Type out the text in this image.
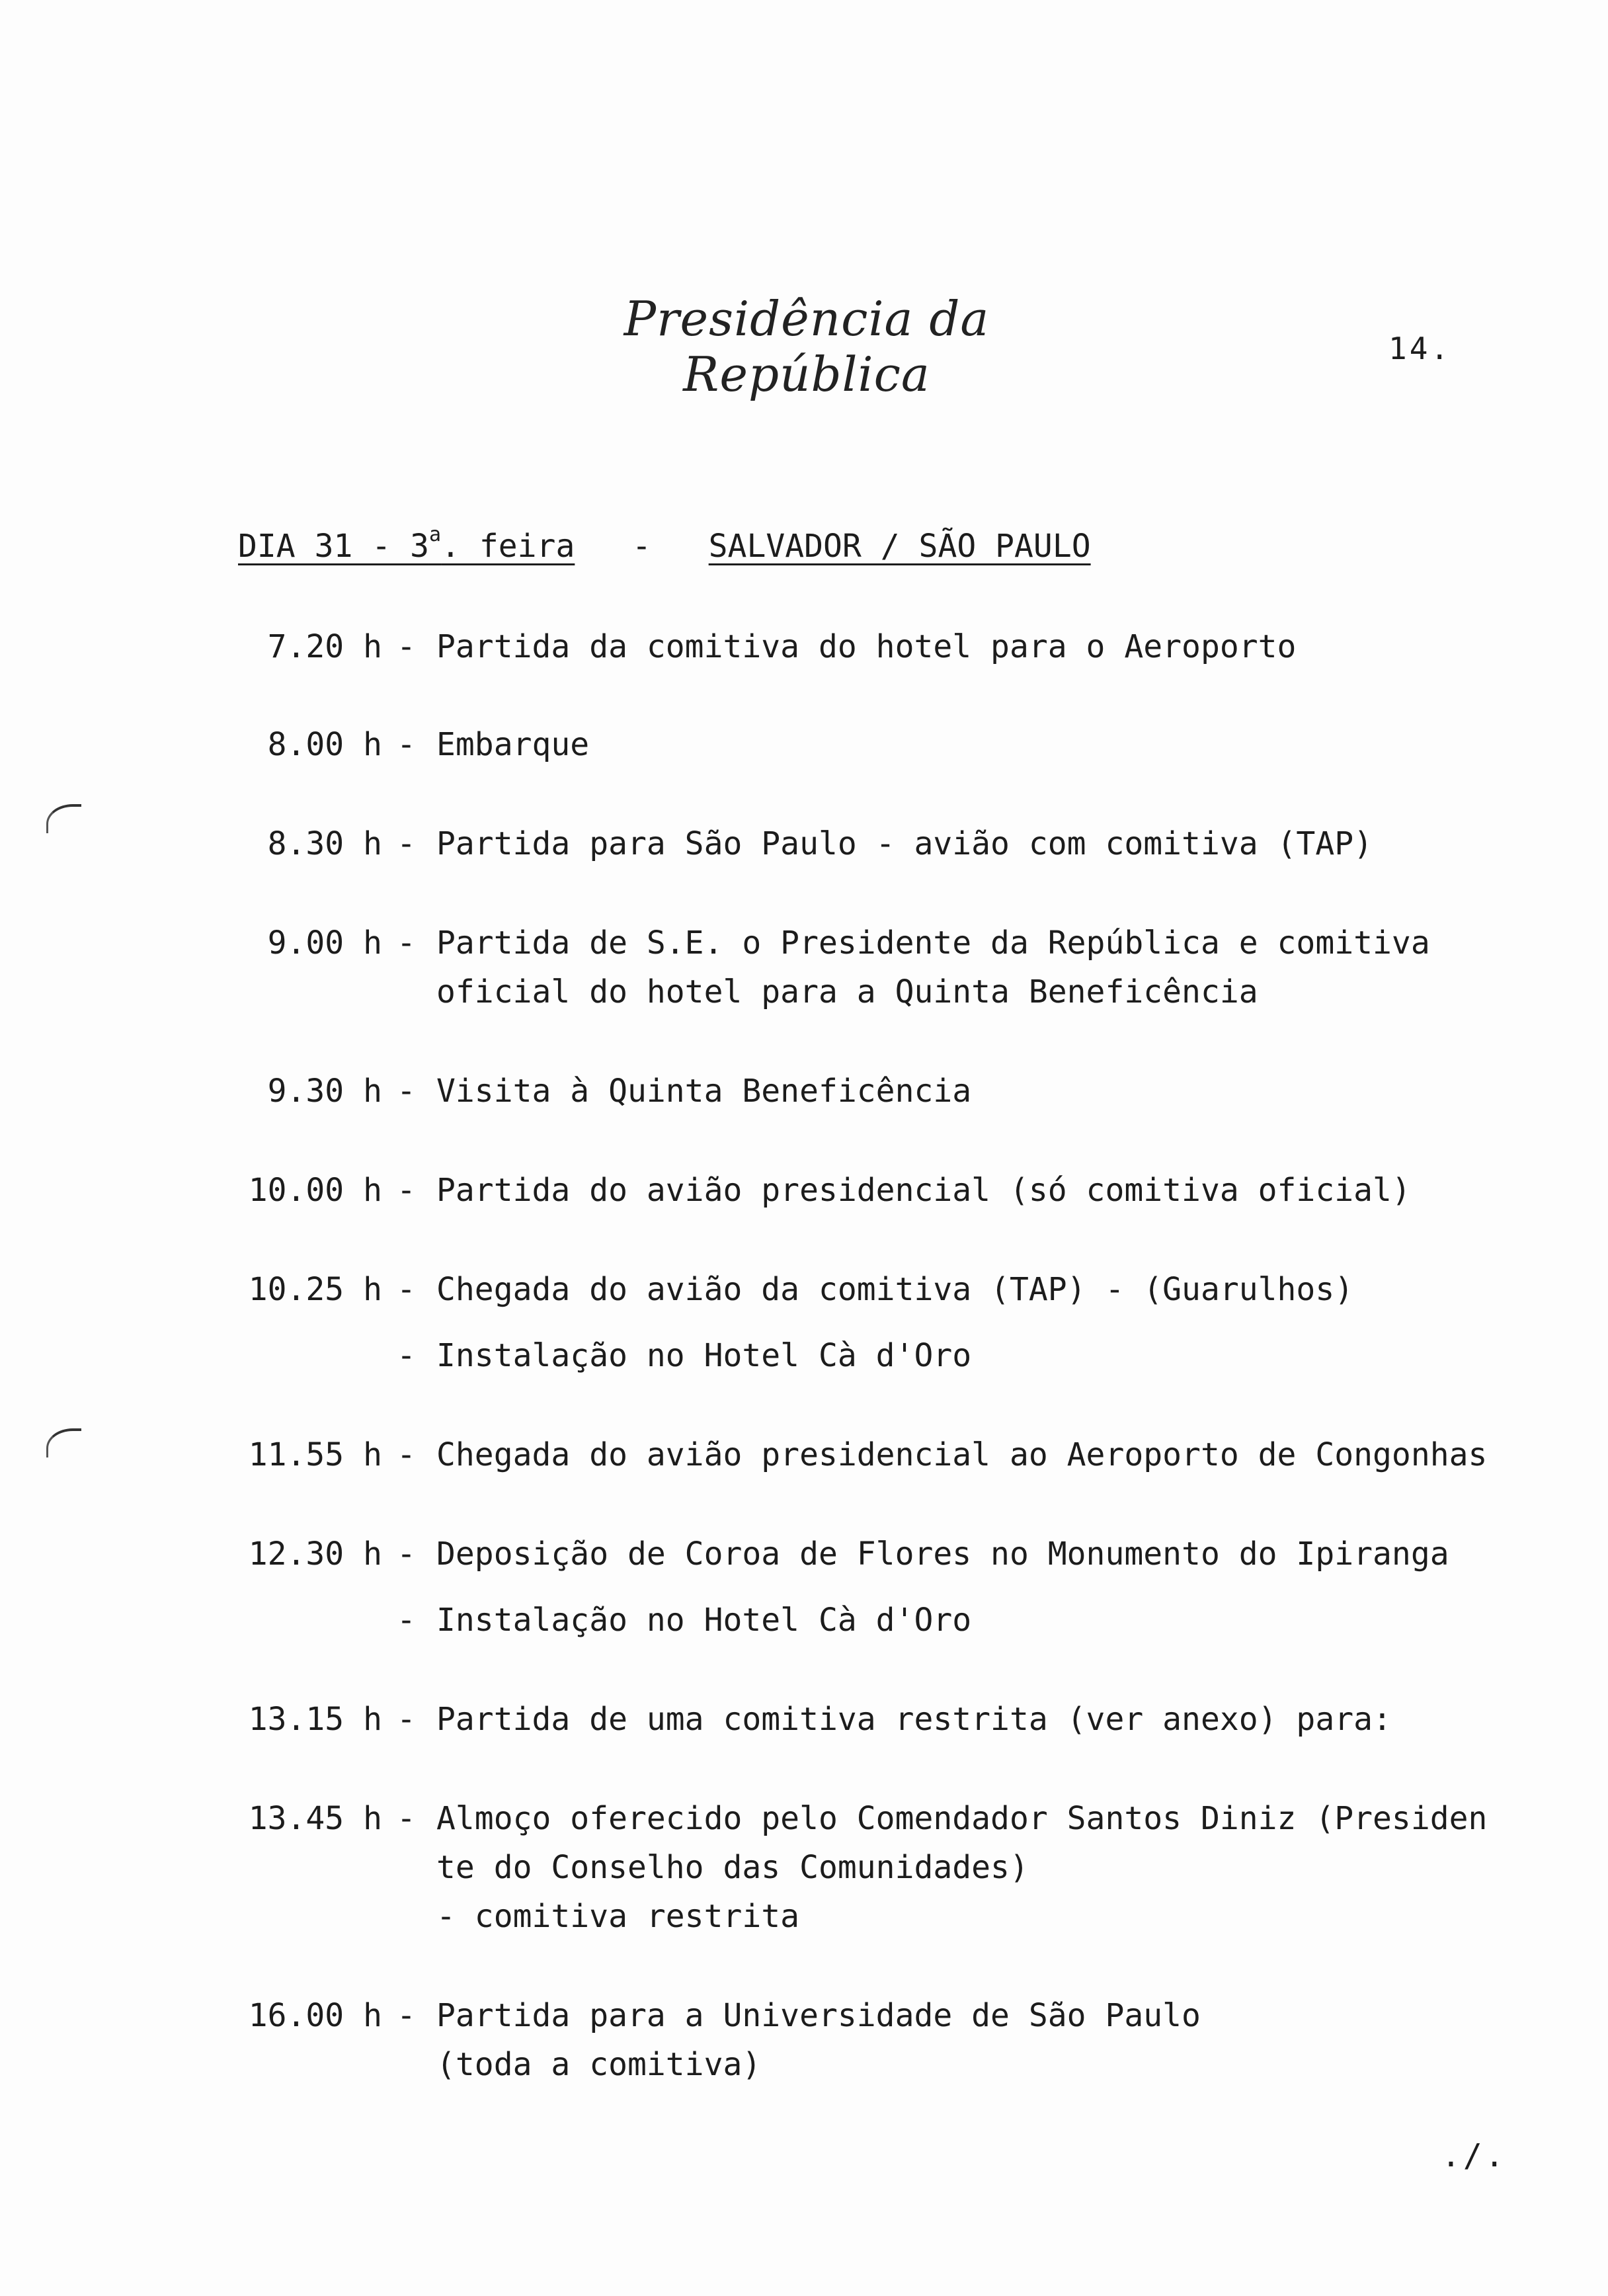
Presidência da República	14.
DIA 31 - 3$^a$. feira - SALVADOR / SÃO PAULO
7.20 h - Partida da comitiva do hotel para o Aeroporto
8.00 h - Embarque
8.30 h - Partida para São Paulo - avião com comitiva (TAP)
9.00 h - Partida de S.E. o Presidente da República e comitiva
oficial do hotel para a Quinta Beneficência
9.30 h - Visita à Quinta Beneficência
10.00 h - Partida do avião presidencial (só comitiva oficial)
10.25 h - Chegada do avião da comitiva (TAP) - (Guarulhos)
- Instalação no Hotel Cà d'Oro
11.55 h - Chegada do avião presidencial ao Aeroporto de Congonhas
12.30 h - Deposição de Coroa de Flores no Monumento do Ipiranga
- Instalação no Hotel Cà d'Oro
13.15 h - Partida de uma comitiva restrita (ver anexo) para:
13.45 h - Almoço oferecido pelo Comendador Santos Diniz (Presiden
te do Conselho das Comunidades)
- comitiva restrita
16.00 h - Partida para a Universidade de São Paulo
(toda a comitiva)
./.
